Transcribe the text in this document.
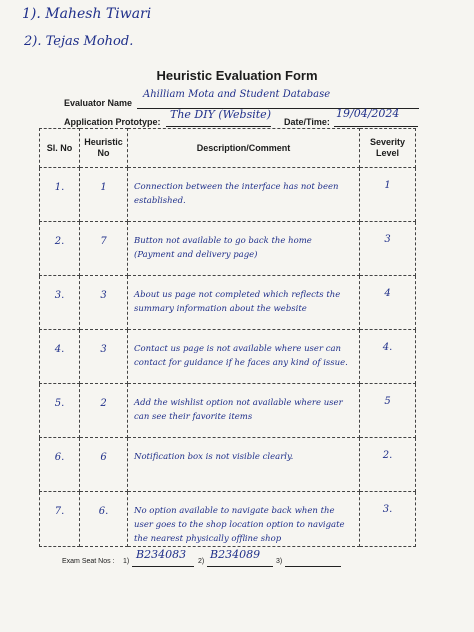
1). Mahesh Tiwari
2). Tejas Mohod.
Heuristic Evaluation Form
Evaluator Name
Ahilliam Mota and Student Database
Application Prototype:
The DIY (Website)
Date/Time:
19/04/2024
Sl. No	Heuristic No	Description/Comment	Severity Level

1.	1	Connection between the interface has not been established.	1

2.	7	Button not available to go back the home (Payment and delivery page)	3

3.	3	About us page not completed which reflects the summary information about the website	4

4.	3	Contact us page is not available where user can contact for guidance if he faces any kind of issue.	4.

5.	2	Add the wishlist option not available where user can see their favorite items	5

6.	6	Notification box is not visible clearly.	2.

7.	6.	No option available to navigate back when the user goes to the shop location option to navigate the nearest physically offline shop	3.
Exam Seat Nos : 1)
B234083
2)
B234089
3)
